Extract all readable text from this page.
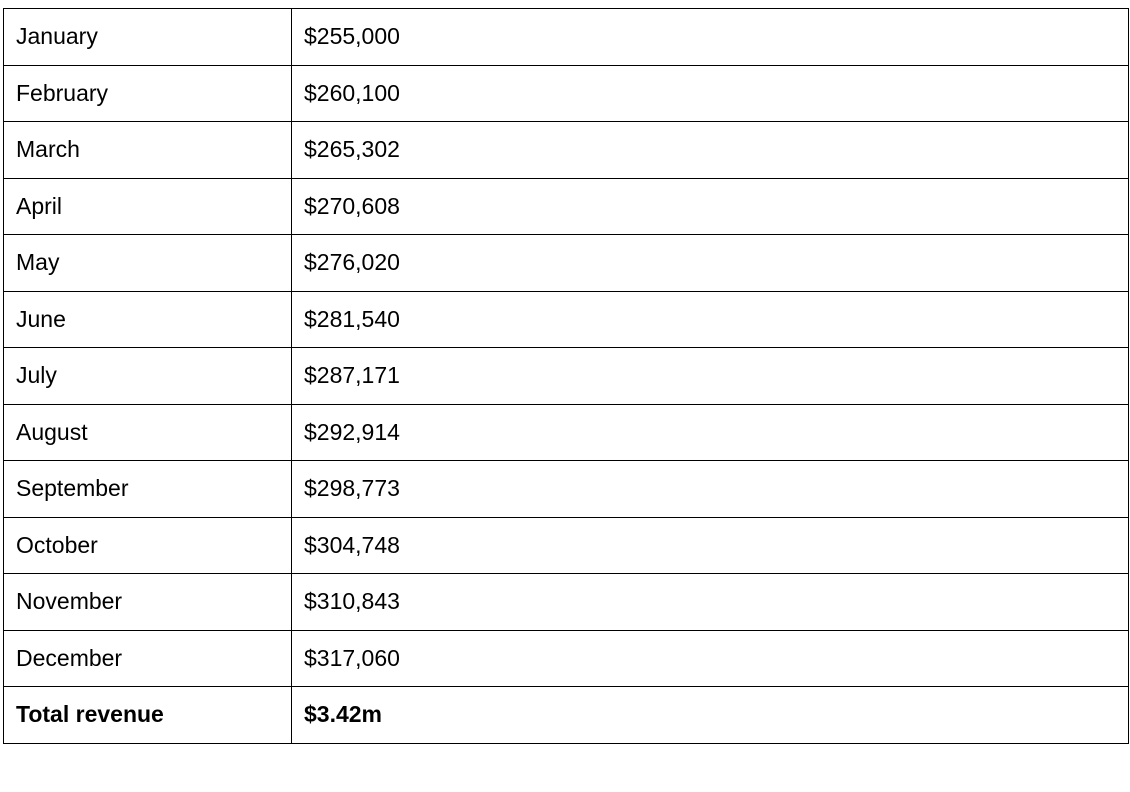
January	$255,000
February	$260,100
March	$265,302
April	$270,608
May	$276,020
June	$281,540
July	$287,171
August	$292,914
September	$298,773
October	$304,748
November	$310,843
December	$317,060
Total revenue	$3.42m
